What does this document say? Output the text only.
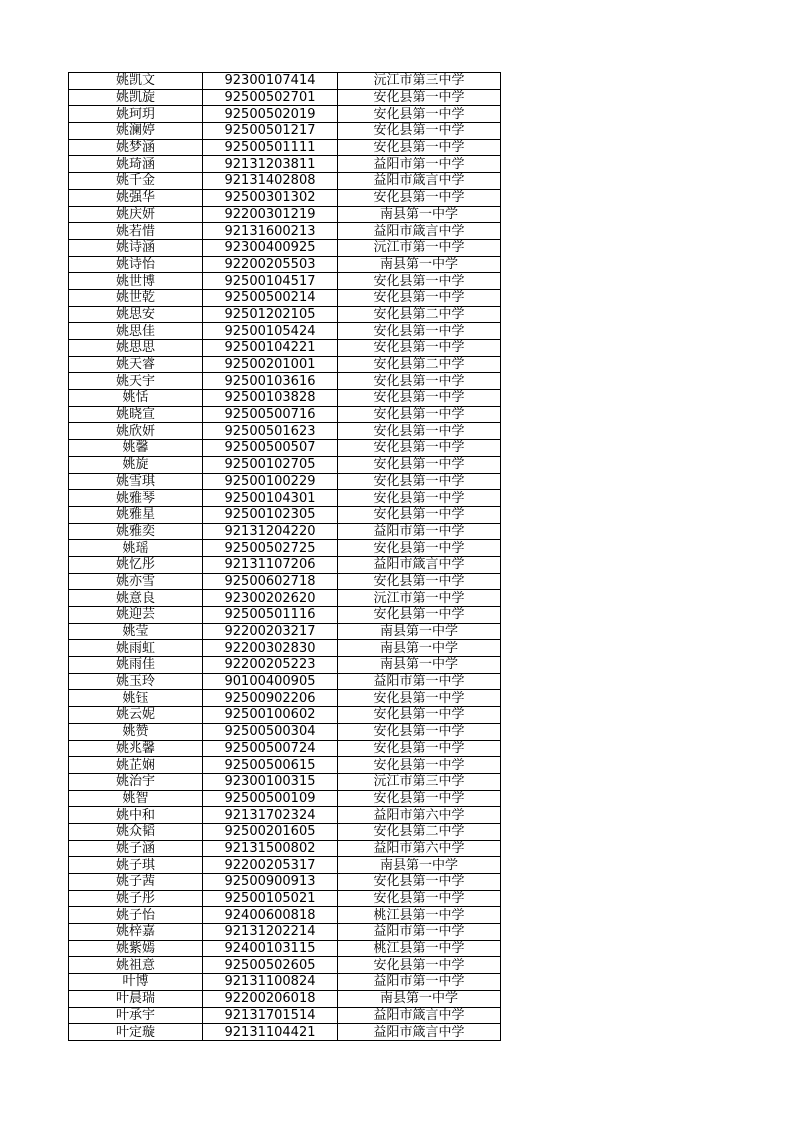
姚凯文	92300107414	沅江市第三中学
姚凯旋	92500502701	安化县第一中学
姚珂玥	92500502019	安化县第一中学
姚澜婷	92500501217	安化县第一中学
姚梦涵	92500501111	安化县第一中学
姚琦涵	92131203811	益阳市第一中学
姚千金	92131402808	益阳市箴言中学
姚强华	92500301302	安化县第一中学
姚庆妍	92200301219	南县第一中学
姚若惜	92131600213	益阳市箴言中学
姚诗涵	92300400925	沅江市第一中学
姚诗怡	92200205503	南县第一中学
姚世博	92500104517	安化县第一中学
姚世乾	92500500214	安化县第一中学
姚思安	92501202105	安化县第二中学
姚思佳	92500105424	安化县第一中学
姚思思	92500104221	安化县第一中学
姚天睿	92500201001	安化县第二中学
姚天宇	92500103616	安化县第一中学
姚恬	92500103828	安化县第一中学
姚晓宣	92500500716	安化县第一中学
姚欣妍	92500501623	安化县第一中学
姚馨	92500500507	安化县第一中学
姚旋	92500102705	安化县第一中学
姚雪琪	92500100229	安化县第一中学
姚雅琴	92500104301	安化县第一中学
姚雅星	92500102305	安化县第一中学
姚雅奕	92131204220	益阳市第一中学
姚瑶	92500502725	安化县第一中学
姚忆彤	92131107206	益阳市箴言中学
姚亦雪	92500602718	安化县第一中学
姚意良	92300202620	沅江市第一中学
姚迎芸	92500501116	安化县第一中学
姚莹	92200203217	南县第一中学
姚雨虹	92200302830	南县第一中学
姚雨佳	92200205223	南县第一中学
姚玉玲	90100400905	益阳市第一中学
姚钰	92500902206	安化县第一中学
姚云妮	92500100602	安化县第一中学
姚赞	92500500304	安化县第一中学
姚兆馨	92500500724	安化县第一中学
姚芷娴	92500500615	安化县第一中学
姚治宇	92300100315	沅江市第三中学
姚智	92500500109	安化县第一中学
姚中和	92131702324	益阳市第六中学
姚众韬	92500201605	安化县第二中学
姚子涵	92131500802	益阳市第六中学
姚子琪	92200205317	南县第一中学
姚子茜	92500900913	安化县第一中学
姚子彤	92500105021	安化县第一中学
姚子怡	92400600818	桃江县第一中学
姚梓嘉	92131202214	益阳市第一中学
姚紫嫣	92400103115	桃江县第一中学
姚祖意	92500502605	安化县第一中学
叶博	92131100824	益阳市第一中学
叶晨瑞	92200206018	南县第一中学
叶承宇	92131701514	益阳市箴言中学
叶定璇	92131104421	益阳市箴言中学
